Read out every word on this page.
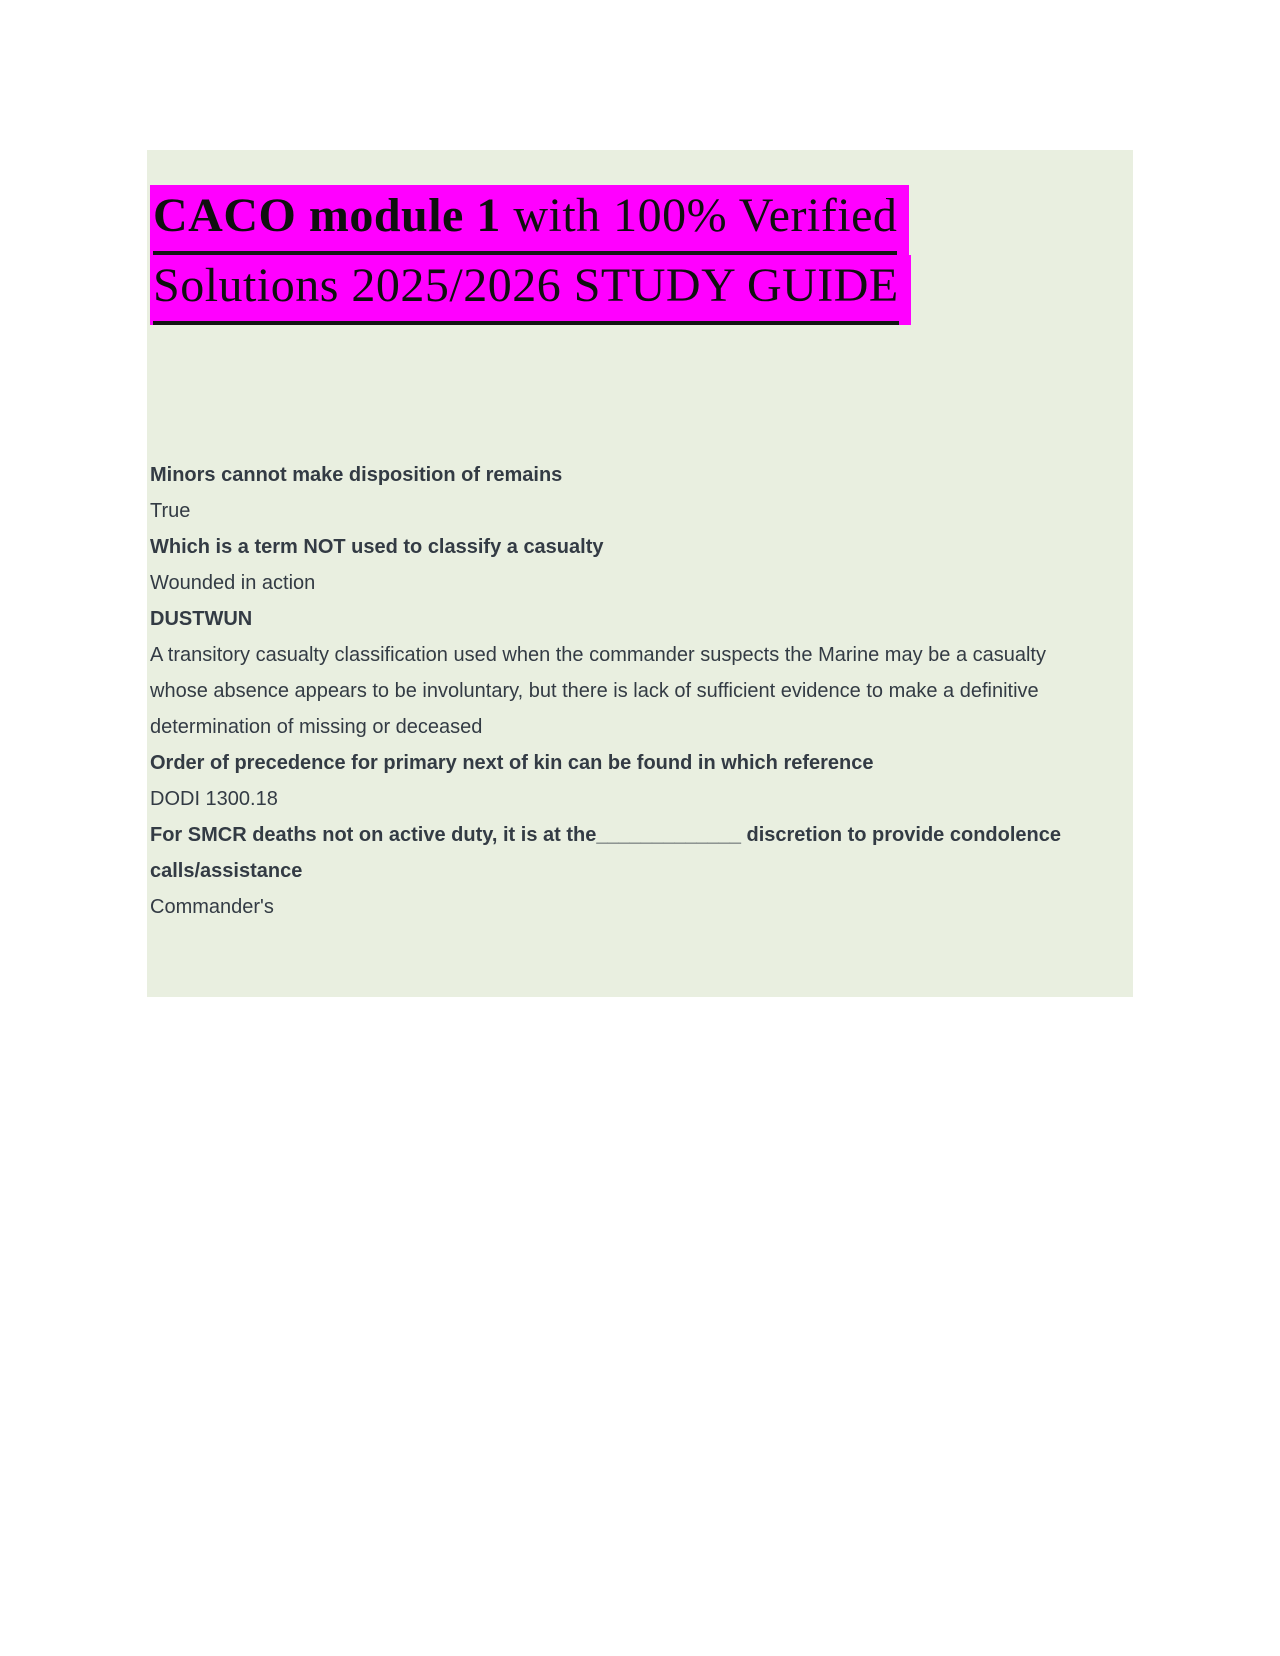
CACO module 1 with 100% Verified
Solutions 2025/2026 STUDY GUIDE
Minors cannot make disposition of remains
True
Which is a term NOT used to classify a casualty
Wounded in action
DUSTWUN
A transitory casualty classification used when the commander suspects the Marine may be a casualty
whose absence appears to be involuntary, but there is lack of sufficient evidence to make a definitive
determination of missing or deceased
Order of precedence for primary next of kin can be found in which reference
DODI 1300.18
For SMCR deaths not on active duty, it is at the_____________ discretion to provide condolence
calls/assistance
Commander's
